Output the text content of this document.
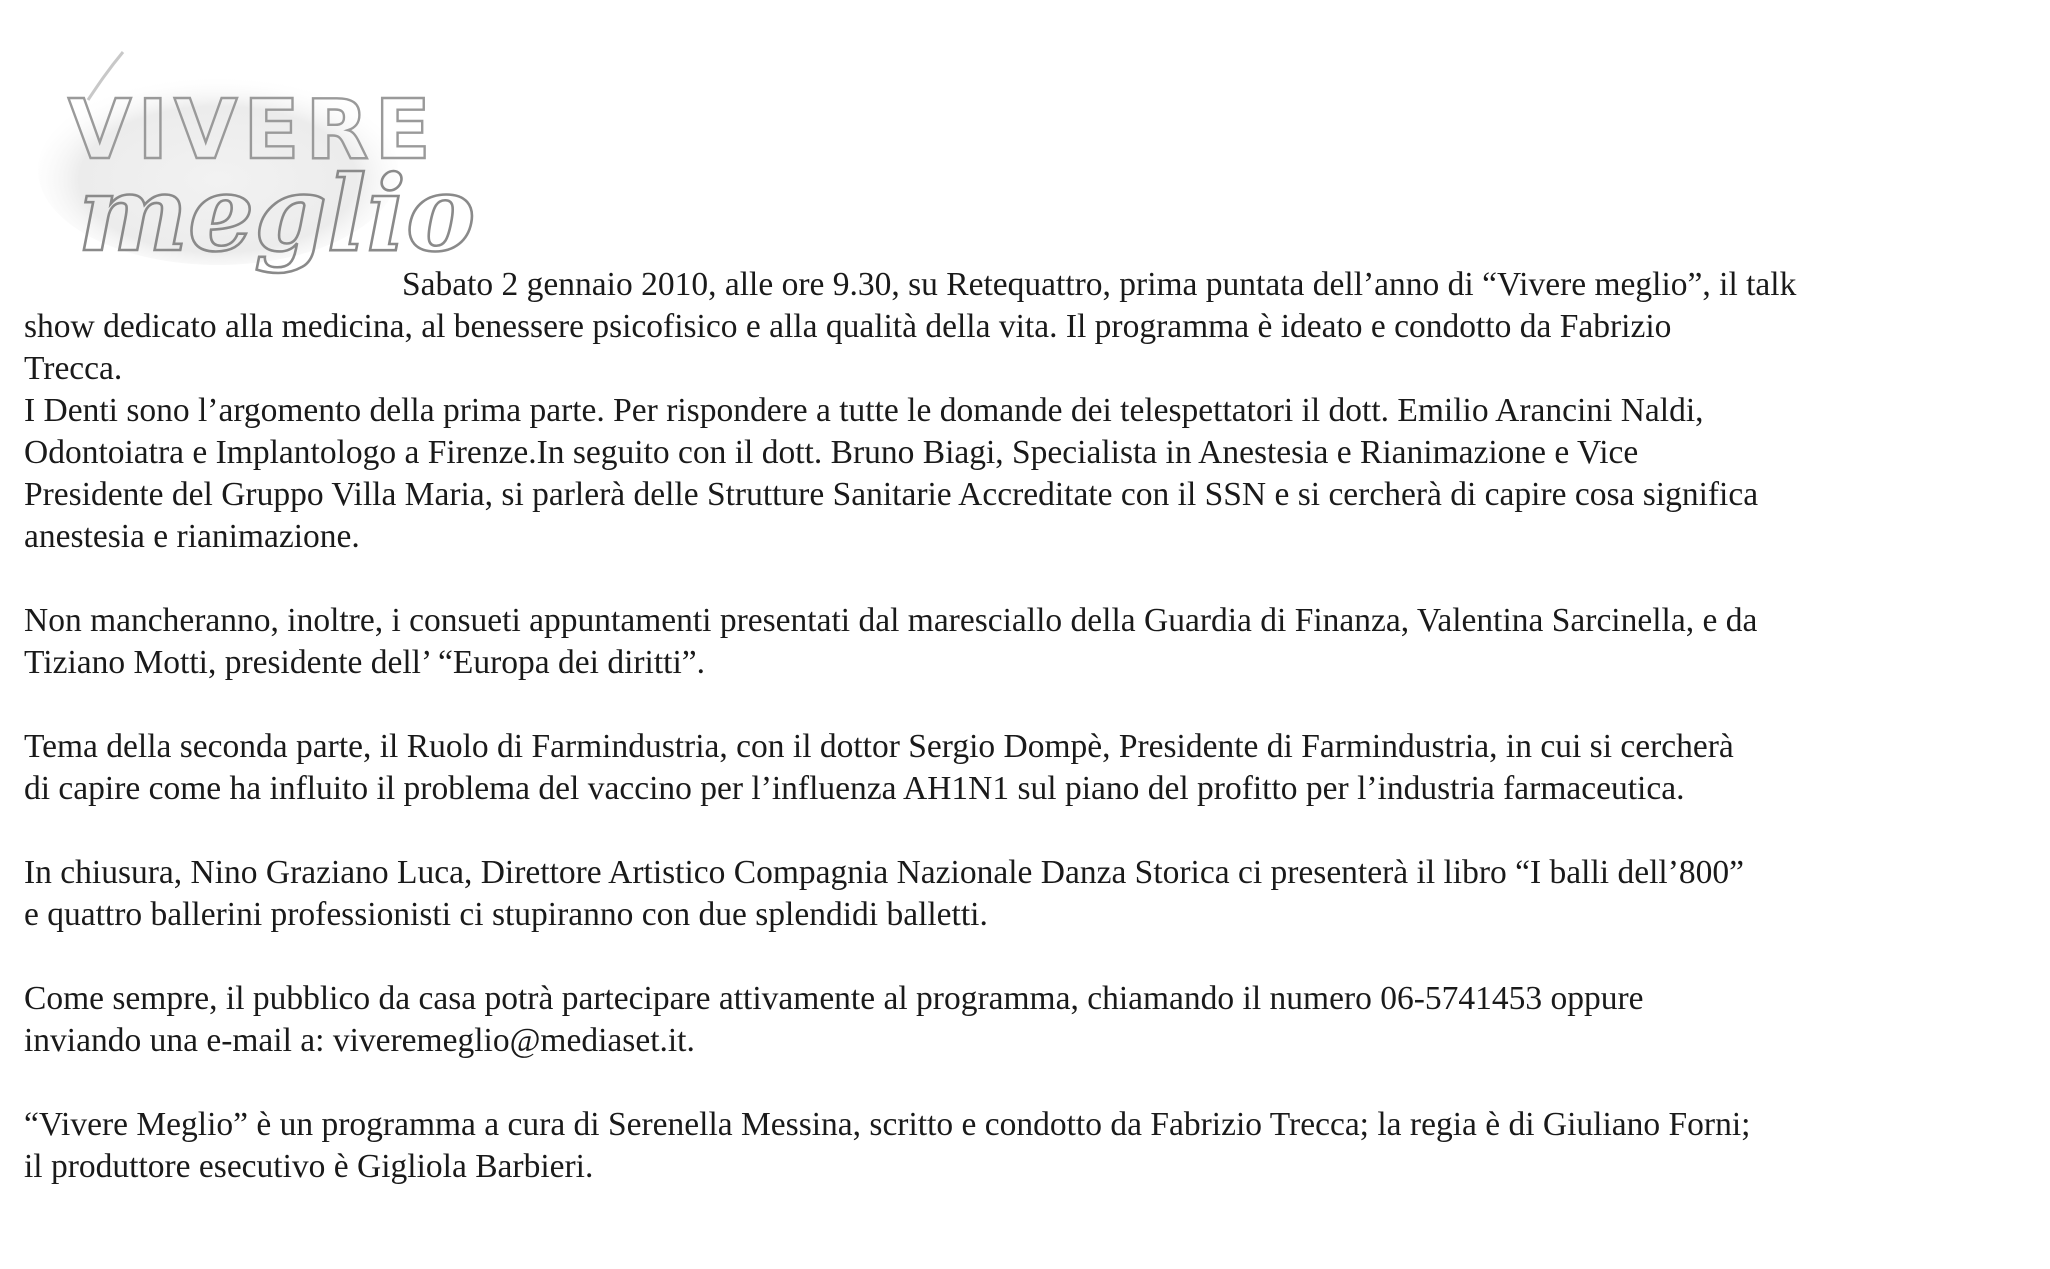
VIVERE
meglio

Sabato 2 gennaio 2010, alle ore 9.30, su Retequattro, prima puntata dell’anno di “Vivere meglio”, il talk
show dedicato alla medicina, al benessere psicofisico e alla qualità della vita. Il programma è ideato e condotto da Fabrizio
Trecca.

I Denti sono l’argomento della prima parte. Per rispondere a tutte le domande dei telespettatori il dott. Emilio Arancini Naldi,
Odontoiatra e Implantologo a Firenze.In seguito con il dott. Bruno Biagi, Specialista in Anestesia e Rianimazione e Vice
Presidente del Gruppo Villa Maria, si parlerà delle Strutture Sanitarie Accreditate con il SSN e si cercherà di capire cosa significa
anestesia e rianimazione.

Non mancheranno, inoltre, i consueti appuntamenti presentati dal maresciallo della Guardia di Finanza, Valentina Sarcinella, e da
Tiziano Motti, presidente dell’ “Europa dei diritti”.

Tema della seconda parte, il Ruolo di Farmindustria, con il dottor Sergio Dompè, Presidente di Farmindustria, in cui si cercherà
di capire come ha influito il problema del vaccino per l’influenza AH1N1 sul piano del profitto per l’industria farmaceutica.

In chiusura, Nino Graziano Luca, Direttore Artistico Compagnia Nazionale Danza Storica ci presenterà il libro “I balli dell’800”
e quattro ballerini professionisti ci stupiranno con due splendidi balletti.

Come sempre, il pubblico da casa potrà partecipare attivamente al programma, chiamando il numero 06-5741453 oppure
inviando una e-mail a: viveremeglio@mediaset.it.

“Vivere Meglio” è un programma a cura di Serenella Messina, scritto e condotto da Fabrizio Trecca; la regia è di Giuliano Forni;
il produttore esecutivo è Gigliola Barbieri.
